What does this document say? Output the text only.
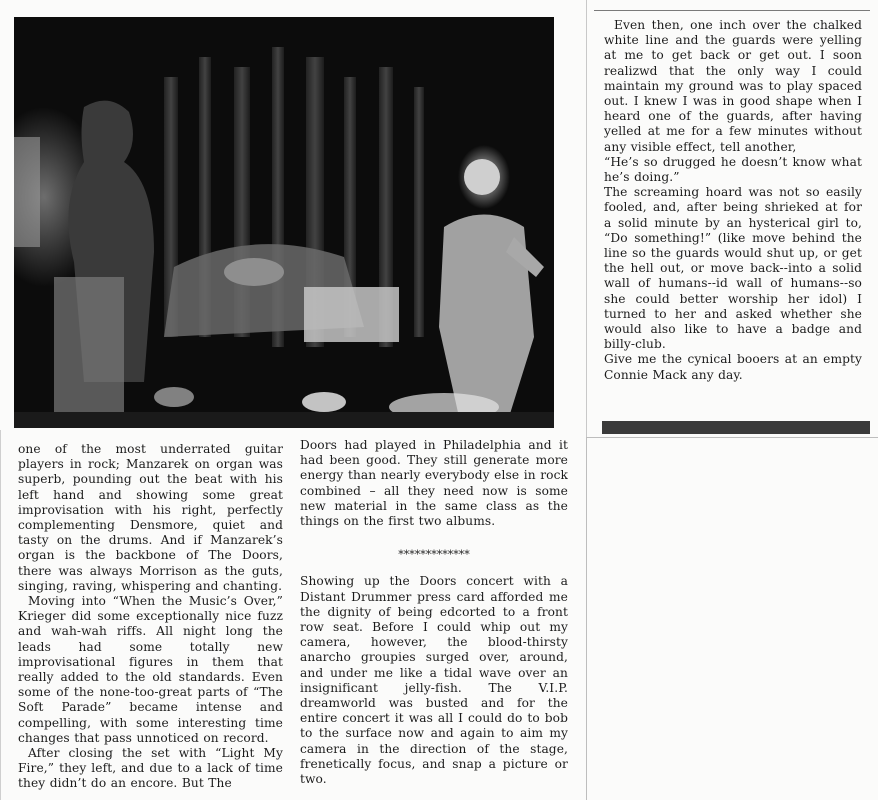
Even then, one inch over the chalked white line and the guards were yelling at me to get back or get out. I soon realizwd that the only way I could maintain my ground was to play spaced out. I knew I was in good shape when I heard one of the guards, after having yelled at me for a few minutes without any visible effect, tell another,

“He’s so drugged he doesn’t know what he’s doing.”

The screaming hoard was not so easily fooled, and, after being shrieked at for a solid minute by an hysterical girl to, “Do something!” (like move behind the line so the guards would shut up, or get the hell out, or move back--into a solid wall of humans--id wall of humans--so she could better worship her idol) I turned to her and asked whether she would also like to have a badge and billy-club.

Give me the cynical booers at an empty Connie Mack any day.

one of the most underrated guitar players in rock; Manzarek on organ was superb, pounding out the beat with his left hand and showing some great improvisation with his right, perfectly complementing Densmore, quiet and tasty on the drums. And if Manzarek’s organ is the backbone of The Doors, there was always Morrison as the guts, singing, raving, whispering and chanting.

Moving into “When the Music’s Over,” Krieger did some exceptionally nice fuzz and wah-wah riffs. All night long the leads had some totally new improvisational figures in them that really added to the old standards. Even some of the none-too-great parts of “The Soft Parade” became intense and compelling, with some interesting time changes that pass unnoticed on record.

After closing the set with “Light My Fire,” they left, and due to a lack of time they didn’t do an encore. But The

Doors had played in Philadelphia and it had been good. They still generate more energy than nearly everybody else in rock combined – all they need now is some new material in the same class as the things on the first two albums.

*************

Showing up the Doors concert with a Distant Drummer press card afforded me the dignity of being edcorted to a front row seat. Before I could whip out my camera, however, the blood-thirsty anarcho groupies surged over, around, and under me like a tidal wave over an insignificant jelly-fish. The V.I.P. dreamworld was busted and for the entire concert it was all I could do to bob to the surface now and again to aim my camera in the direction of the stage, frenetically focus, and snap a picture or two.
